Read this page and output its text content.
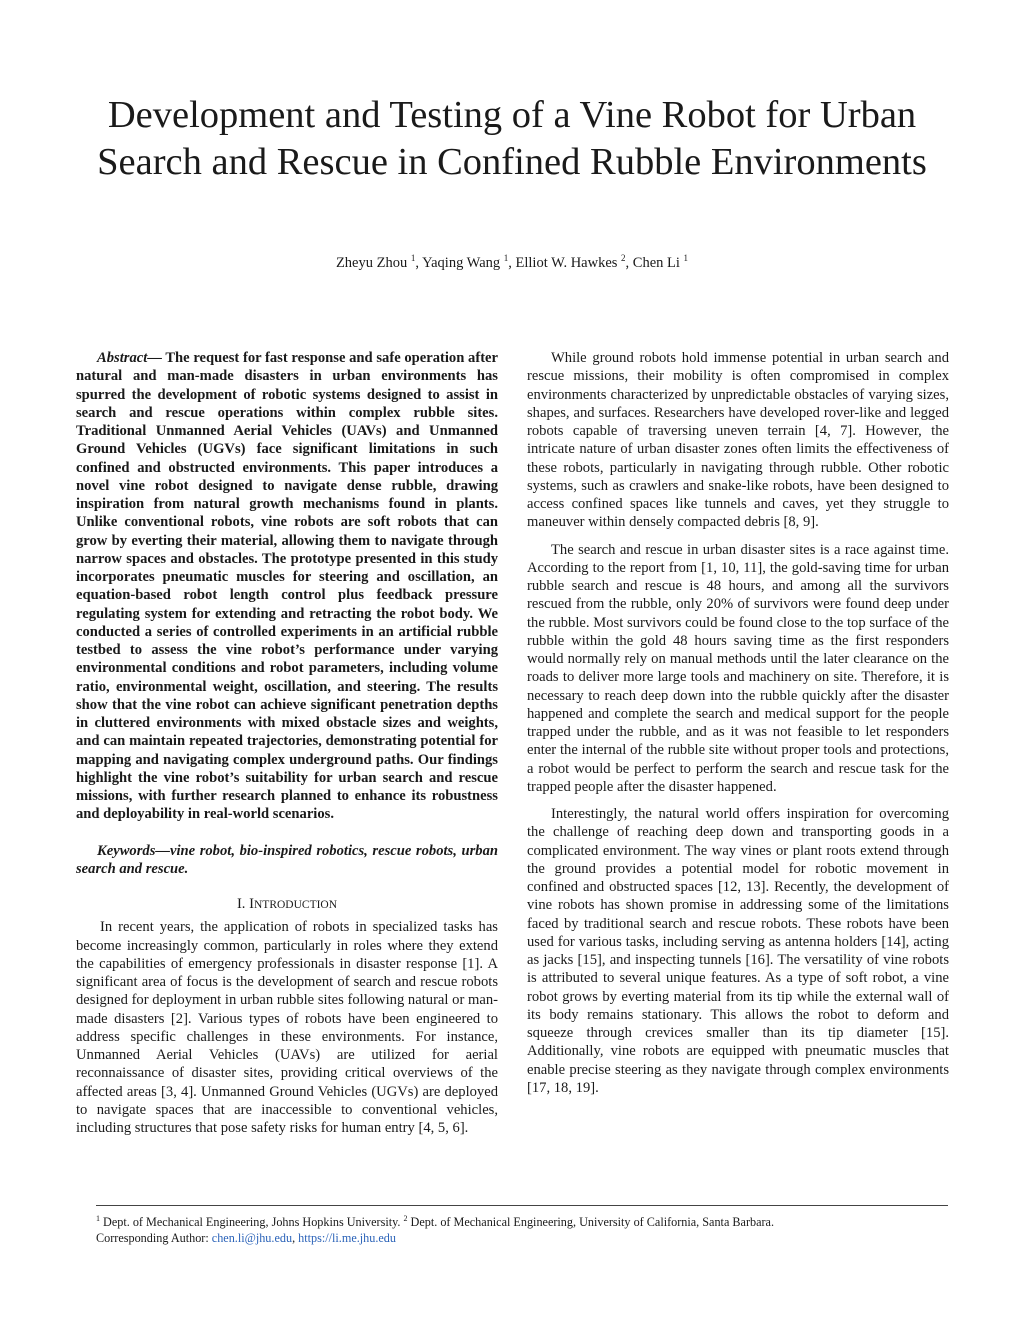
Development and Testing of a Vine Robot for Urban Search and Rescue in Confined Rubble Environments
Zheyu Zhou $^1$, Yaqing Wang $^1$, Elliot W. Hawkes $^2$, Chen Li $^1$

Abstract— The request for fast response and safe operation after natural and man-made disasters in urban environments has spurred the development of robotic systems designed to assist in search and rescue operations within complex rubble sites. Traditional Unmanned Aerial Vehicles (UAVs) and Unmanned Ground Vehicles (UGVs) face significant limitations in such confined and obstructed environments. This paper introduces a novel vine robot designed to navigate dense rubble, drawing inspiration from natural growth mechanisms found in plants. Unlike conventional robots, vine robots are soft robots that can grow by everting their material, allowing them to navigate through narrow spaces and obstacles. The prototype presented in this study incorporates pneumatic muscles for steering and oscillation, an equation-based robot length control plus feedback pressure regulating system for extending and retracting the robot body. We conducted a series of controlled experiments in an artificial rubble testbed to assess the vine robot’s performance under varying environmental conditions and robot parameters, including volume ratio, environmental weight, oscillation, and steering. The results show that the vine robot can achieve significant penetration depths in cluttered environments with mixed obstacle sizes and weights, and can maintain repeated trajectories, demonstrating potential for mapping and navigating complex underground paths. Our findings highlight the vine robot’s suitability for urban search and rescue missions, with further research planned to enhance its robustness and deployability in real-world scenarios.

Keywords—vine robot, bio-inspired robotics, rescue robots, urban search and rescue.

I. INTRODUCTION

In recent years, the application of robots in specialized tasks has become increasingly common, particularly in roles where they extend the capabilities of emergency professionals in disaster response [1]. A significant area of focus is the development of search and rescue robots designed for deployment in urban rubble sites following natural or man-made disasters [2]. Various types of robots have been engineered to address specific challenges in these environments. For instance, Unmanned Aerial Vehicles (UAVs) are utilized for aerial reconnaissance of disaster sites, providing critical overviews of the affected areas [3, 4]. Unmanned Ground Vehicles (UGVs) are deployed to navigate spaces that are inaccessible to conventional vehicles, including structures that pose safety risks for human entry [4, 5, 6].

While ground robots hold immense potential in urban search and rescue missions, their mobility is often compromised in complex environments characterized by unpredictable obstacles of varying sizes, shapes, and surfaces. Researchers have developed rover-like and legged robots capable of traversing uneven terrain [4, 7]. However, the intricate nature of urban disaster zones often limits the effectiveness of these robots, particularly in navigating through rubble. Other robotic systems, such as crawlers and snake-like robots, have been designed to access confined spaces like tunnels and caves, yet they struggle to maneuver within densely compacted debris [8, 9].

The search and rescue in urban disaster sites is a race against time. According to the report from [1, 10, 11], the gold-saving time for urban rubble search and rescue is 48 hours, and among all the survivors rescued from the rubble, only 20% of survivors were found deep under the rubble. Most survivors could be found close to the top surface of the rubble within the gold 48 hours saving time as the first responders would normally rely on manual methods until the later clearance on the roads to deliver more large tools and machinery on site. Therefore, it is necessary to reach deep down into the rubble quickly after the disaster happened and complete the search and medical support for the people trapped under the rubble, and as it was not feasible to let responders enter the internal of the rubble site without proper tools and protections, a robot would be perfect to perform the search and rescue task for the trapped people after the disaster happened.

Interestingly, the natural world offers inspiration for overcoming the challenge of reaching deep down and transporting goods in a complicated environment. The way vines or plant roots extend through the ground provides a potential model for robotic movement in confined and obstructed spaces [12, 13]. Recently, the development of vine robots has shown promise in addressing some of the limitations faced by traditional search and rescue robots. These robots have been used for various tasks, including serving as antenna holders [14], acting as jacks [15], and inspecting tunnels [16]. The versatility of vine robots is attributed to several unique features. As a type of soft robot, a vine robot grows by everting material from its tip while the external wall of its body remains stationary. This allows the robot to deform and squeeze through crevices smaller than its tip diameter [15]. Additionally, vine robots are equipped with pneumatic muscles that enable precise steering as they navigate through complex environments [17, 18, 19].

$^1$ Dept. of Mechanical Engineering, Johns Hopkins University. $^2$ Dept. of Mechanical Engineering, University of California, Santa Barbara.
Corresponding Author: chen.li@jhu.edu, https://li.me.jhu.edu
